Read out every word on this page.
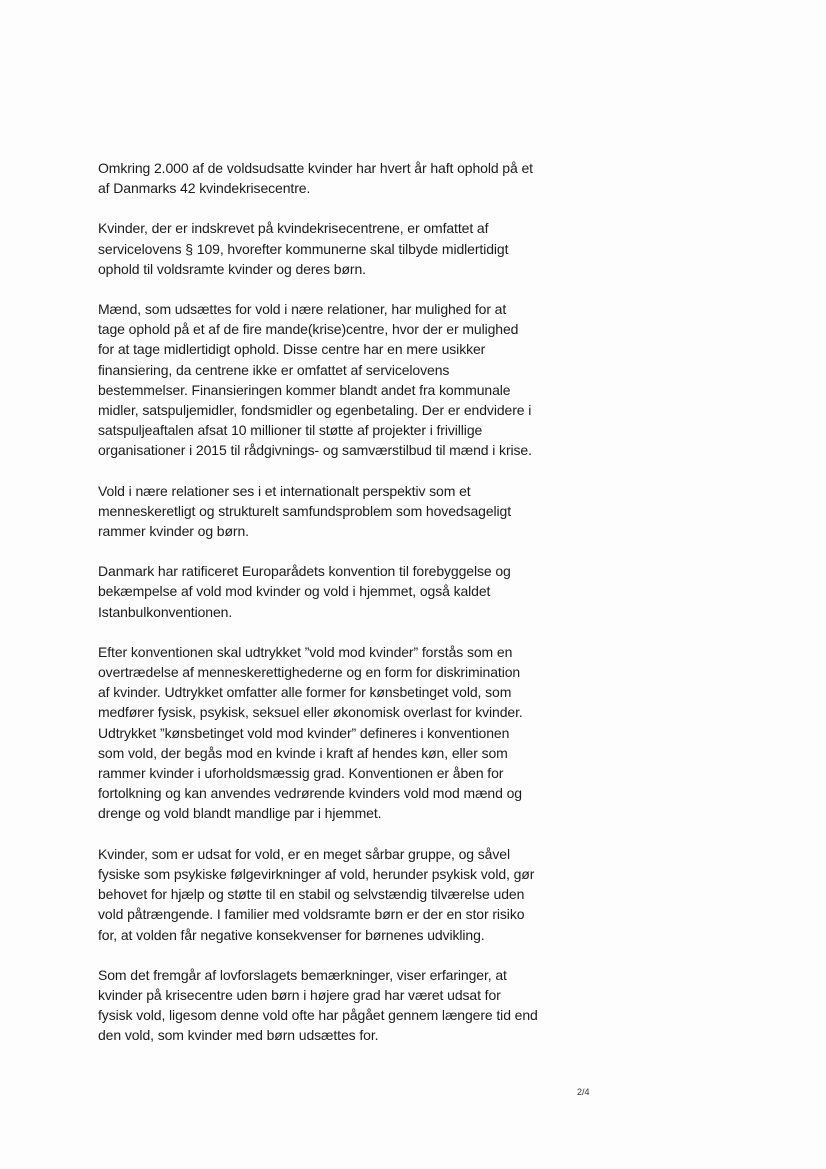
Omkring 2.000 af de voldsudsatte kvinder har hvert år haft ophold på et
af Danmarks 42 kvindekrisecentre.

Kvinder, der er indskrevet på kvindekrisecentrene, er omfattet af
servicelovens § 109, hvorefter kommunerne skal tilbyde midlertidigt
ophold til voldsramte kvinder og deres børn.

Mænd, som udsættes for vold i nære relationer, har mulighed for at
tage ophold på et af de fire mande(krise)centre, hvor der er mulighed
for at tage midlertidigt ophold. Disse centre har en mere usikker
finansiering, da centrene ikke er omfattet af servicelovens
bestemmelser. Finansieringen kommer blandt andet fra kommunale
midler, satspuljemidler, fondsmidler og egenbetaling. Der er endvidere i
satspuljeaftalen afsat 10 millioner til støtte af projekter i frivillige
organisationer i 2015 til rådgivnings- og samværstilbud til mænd i krise.

Vold i nære relationer ses i et internationalt perspektiv som et
menneskeretligt og strukturelt samfundsproblem som hovedsageligt
rammer kvinder og børn.

Danmark har ratificeret Europarådets konvention til forebyggelse og
bekæmpelse af vold mod kvinder og vold i hjemmet, også kaldet
Istanbulkonventionen.

Efter konventionen skal udtrykket ”vold mod kvinder” forstås som en
overtrædelse af menneskerettighederne og en form for diskrimination
af kvinder. Udtrykket omfatter alle former for kønsbetinget vold, som
medfører fysisk, psykisk, seksuel eller økonomisk overlast for kvinder.
Udtrykket ”kønsbetinget vold mod kvinder” defineres i konventionen
som vold, der begås mod en kvinde i kraft af hendes køn, eller som
rammer kvinder i uforholdsmæssig grad. Konventionen er åben for
fortolkning og kan anvendes vedrørende kvinders vold mod mænd og
drenge og vold blandt mandlige par i hjemmet.

Kvinder, som er udsat for vold, er en meget sårbar gruppe, og såvel
fysiske som psykiske følgevirkninger af vold, herunder psykisk vold, gør
behovet for hjælp og støtte til en stabil og selvstændig tilværelse uden
vold påtrængende. I familier med voldsramte børn er der en stor risiko
for, at volden får negative konsekvenser for børnenes udvikling.

Som det fremgår af lovforslagets bemærkninger, viser erfaringer, at
kvinder på krisecentre uden børn i højere grad har været udsat for
fysisk vold, ligesom denne vold ofte har pågået gennem længere tid end
den vold, som kvinder med børn udsættes for.

2/4
